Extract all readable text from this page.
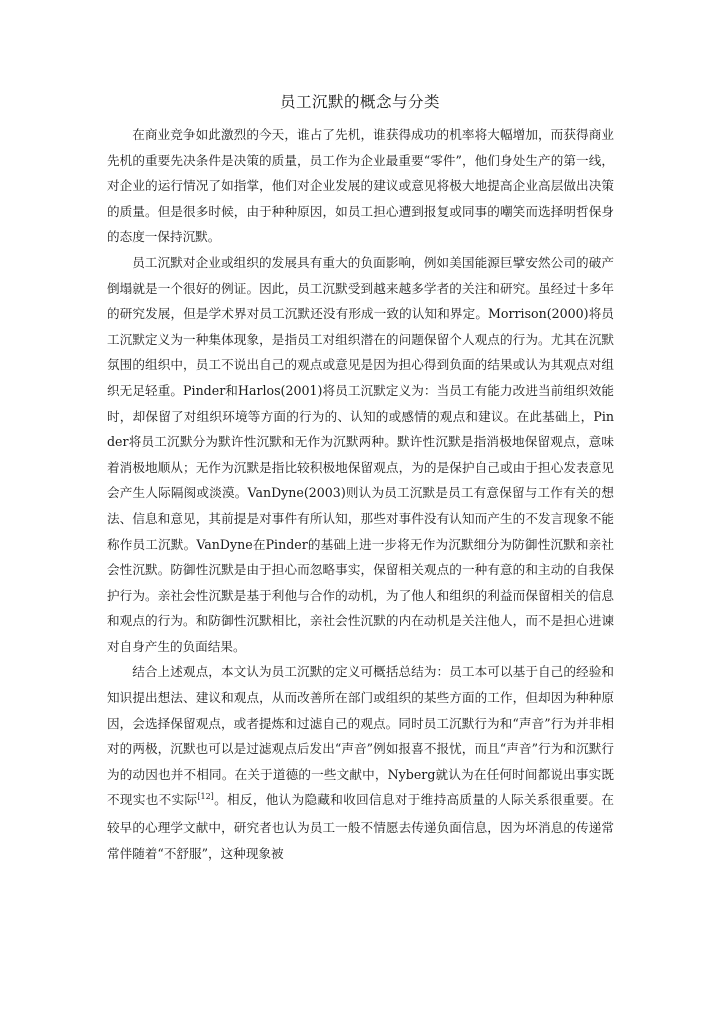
员工沉默的概念与分类

在商业竞争如此激烈的今天，谁占了先机，谁获得成功的机率将大幅增加，而获得商业先机的重要先决条件是决策的质量，员工作为企业最重要“零件”，他们身处生产的第一线，对企业的运行情况了如指掌，他们对企业发展的建议或意见将极大地提高企业高层做出决策的质量。但是很多时候，由于种种原因，如员工担心遭到报复或同事的嘲笑而选择明哲保身的态度一保持沉默。

员工沉默对企业或组织的发展具有重大的负面影响，例如美国能源巨擘安然公司的破产倒塌就是一个很好的例证。因此，员工沉默受到越来越多学者的关注和研究。虽经过十多年的研究发展，但是学术界对员工沉默还没有形成一致的认知和界定。Morrison(2000)将员工沉默定义为一种集体现象，是指员工对组织潜在的问题保留个人观点的行为。尤其在沉默氛围的组织中，员工不说出自己的观点或意见是因为担心得到负面的结果或认为其观点对组织无足轻重。Pinder和Harlos(2001)将员工沉默定义为：当员工有能力改进当前组织效能时，却保留了对组织环境等方面的行为的、认知的或感情的观点和建议。在此基础上，Pinder将员工沉默分为默许性沉默和无作为沉默两种。默许性沉默是指消极地保留观点，意味着消极地顺从；无作为沉默是指比较积极地保留观点，为的是保护自己或由于担心发表意见会产生人际隔阂或淡漠。VanDyne(2003)则认为员工沉默是员工有意保留与工作有关的想法、信息和意见，其前提是对事件有所认知，那些对事件没有认知而产生的不发言现象不能称作员工沉默。VanDyne在Pinder的基础上进一步将无作为沉默细分为防御性沉默和亲社会性沉默。防御性沉默是由于担心而忽略事实，保留相关观点的一种有意的和主动的自我保护行为。亲社会性沉默是基于利他与合作的动机，为了他人和组织的利益而保留相关的信息和观点的行为。和防御性沉默相比，亲社会性沉默的内在动机是关注他人，而不是担心进谏对自身产生的负面结果。

结合上述观点，本文认为员工沉默的定义可概括总结为：员工本可以基于自己的经验和知识提出想法、建议和观点，从而改善所在部门或组织的某些方面的工作，但却因为种种原因，会选择保留观点，或者提炼和过滤自己的观点。同时员工沉默行为和“声音”行为并非相对的两极，沉默也可以是过滤观点后发出“声音”例如报喜不报忧，而且“声音”行为和沉默行为的动因也并不相同。在关于道德的一些文献中，Nyberg就认为在任何时间都说出事实既不现实也不实际[12]。相反，他认为隐藏和收回信息对于维持高质量的人际关系很重要。在较早的心理学文献中，研究者也认为员工一般不情愿去传递负面信息，因为坏消息的传递常常伴随着“不舒服”，这种现象被
